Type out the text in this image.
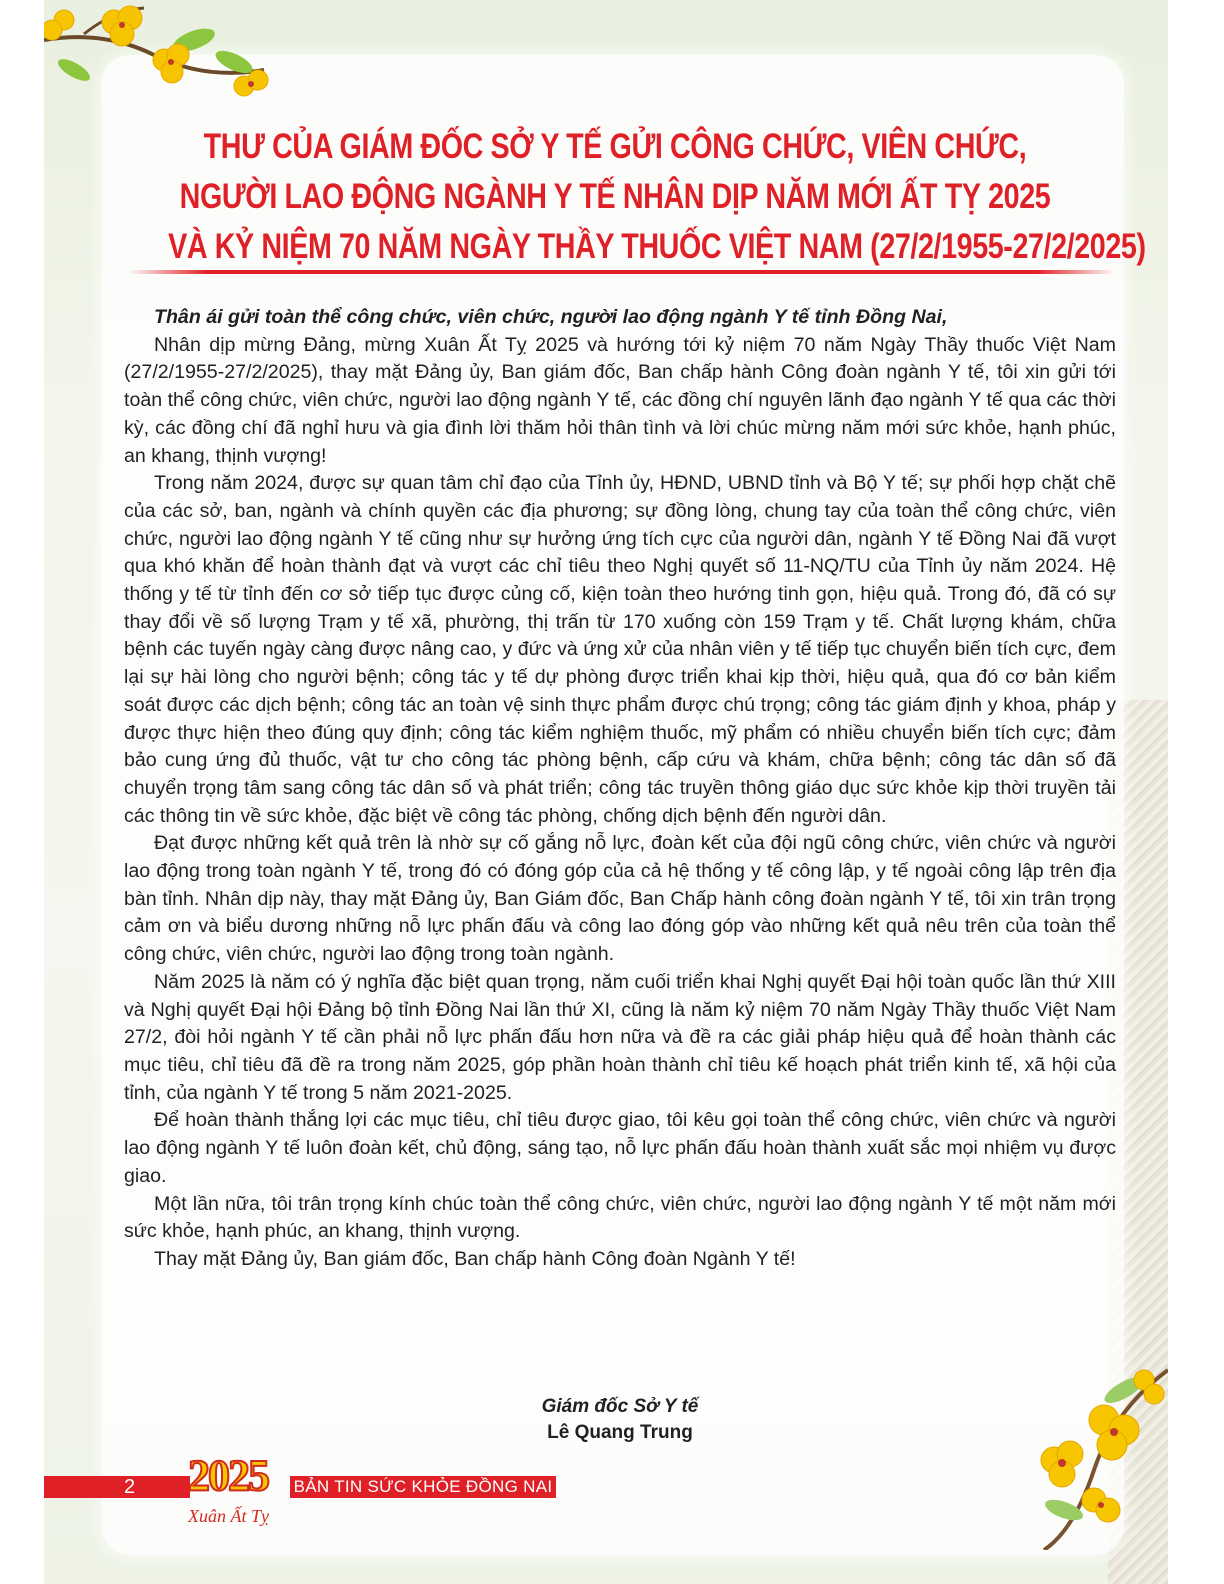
THƯ CỦA GIÁM ĐỐC SỞ Y TẾ GỬI CÔNG CHỨC, VIÊN CHỨC,
NGƯỜI LAO ĐỘNG NGÀNH Y TẾ NHÂN DỊP NĂM MỚI ẤT TỴ 2025
VÀ KỶ NIỆM 70 NĂM NGÀY THẦY THUỐC VIỆT NAM (27/2/1955-27/2/2025)

Thân ái gửi toàn thể công chức, viên chức, người lao động ngành Y tế tỉnh Đồng Nai,

Nhân dịp mừng Đảng, mừng Xuân Ất Tỵ 2025 và hướng tới kỷ niệm 70 năm Ngày Thầy thuốc Việt Nam (27/2/1955-27/2/2025), thay mặt Đảng ủy, Ban giám đốc, Ban chấp hành Công đoàn ngành Y tế, tôi xin gửi tới toàn thể công chức, viên chức, người lao động ngành Y tế, các đồng chí nguyên lãnh đạo ngành Y tế qua các thời kỳ, các đồng chí đã nghỉ hưu và gia đình lời thăm hỏi thân tình và lời chúc mừng năm mới sức khỏe, hạnh phúc, an khang, thịnh vượng!

Trong năm 2024, được sự quan tâm chỉ đạo của Tỉnh ủy, HĐND, UBND tỉnh và Bộ Y tế; sự phối hợp chặt chẽ của các sở, ban, ngành và chính quyền các địa phương; sự đồng lòng, chung tay của toàn thể công chức, viên chức, người lao động ngành Y tế cũng như sự hưởng ứng tích cực của người dân, ngành Y tế Đồng Nai đã vượt qua khó khăn để hoàn thành đạt và vượt các chỉ tiêu theo Nghị quyết số 11-NQ/TU của Tỉnh ủy năm 2024. Hệ thống y tế từ tỉnh đến cơ sở tiếp tục được củng cố, kiện toàn theo hướng tinh gọn, hiệu quả. Trong đó, đã có sự thay đổi về số lượng Trạm y tế xã, phường, thị trấn từ 170 xuống còn 159 Trạm y tế. Chất lượng khám, chữa bệnh các tuyến ngày càng được nâng cao, y đức và ứng xử của nhân viên y tế tiếp tục chuyển biến tích cực, đem lại sự hài lòng cho người bệnh; công tác y tế dự phòng được triển khai kịp thời, hiệu quả, qua đó cơ bản kiểm soát được các dịch bệnh; công tác an toàn vệ sinh thực phẩm được chú trọng; công tác giám định y khoa, pháp y được thực hiện theo đúng quy định; công tác kiểm nghiệm thuốc, mỹ phẩm có nhiều chuyển biến tích cực; đảm bảo cung ứng đủ thuốc, vật tư cho công tác phòng bệnh, cấp cứu và khám, chữa bệnh; công tác dân số đã chuyển trọng tâm sang công tác dân số và phát triển; công tác truyền thông giáo dục sức khỏe kịp thời truyền tải các thông tin về sức khỏe, đặc biệt về công tác phòng, chống dịch bệnh đến người dân.

Đạt được những kết quả trên là nhờ sự cố gắng nỗ lực, đoàn kết của đội ngũ công chức, viên chức và người lao động trong toàn ngành Y tế, trong đó có đóng góp của cả hệ thống y tế công lập, y tế ngoài công lập trên địa bàn tỉnh. Nhân dịp này, thay mặt Đảng ủy, Ban Giám đốc, Ban Chấp hành công đoàn ngành Y tế, tôi xin trân trọng cảm ơn và biểu dương những nỗ lực phấn đấu và công lao đóng góp vào những kết quả nêu trên của toàn thể công chức, viên chức, người lao động trong toàn ngành.

Năm 2025 là năm có ý nghĩa đặc biệt quan trọng, năm cuối triển khai Nghị quyết Đại hội toàn quốc lần thứ XIII và Nghị quyết Đại hội Đảng bộ tỉnh Đồng Nai lần thứ XI, cũng là năm kỷ niệm 70 năm Ngày Thầy thuốc Việt Nam 27/2, đòi hỏi ngành Y tế cần phải nỗ lực phấn đấu hơn nữa và đề ra các giải pháp hiệu quả để hoàn thành các mục tiêu, chỉ tiêu đã đề ra trong năm 2025, góp phần hoàn thành chỉ tiêu kế hoạch phát triển kinh tế, xã hội của tỉnh, của ngành Y tế trong 5 năm 2021-2025.

Để hoàn thành thắng lợi các mục tiêu, chỉ tiêu được giao, tôi kêu gọi toàn thể công chức, viên chức và người lao động ngành Y tế luôn đoàn kết, chủ động, sáng tạo, nỗ lực phấn đấu hoàn thành xuất sắc mọi nhiệm vụ được giao.

Một lần nữa, tôi trân trọng kính chúc toàn thể công chức, viên chức, người lao động ngành Y tế một năm mới sức khỏe, hạnh phúc, an khang, thịnh vượng.

Thay mặt Đảng ủy, Ban giám đốc, Ban chấp hành Công đoàn Ngành Y tế!

Giám đốc Sở Y tế
Lê Quang Trung
2	2025
Xuân Ất Tỵ
BẢN TIN SỨC KHỎE ĐỒNG NAI
